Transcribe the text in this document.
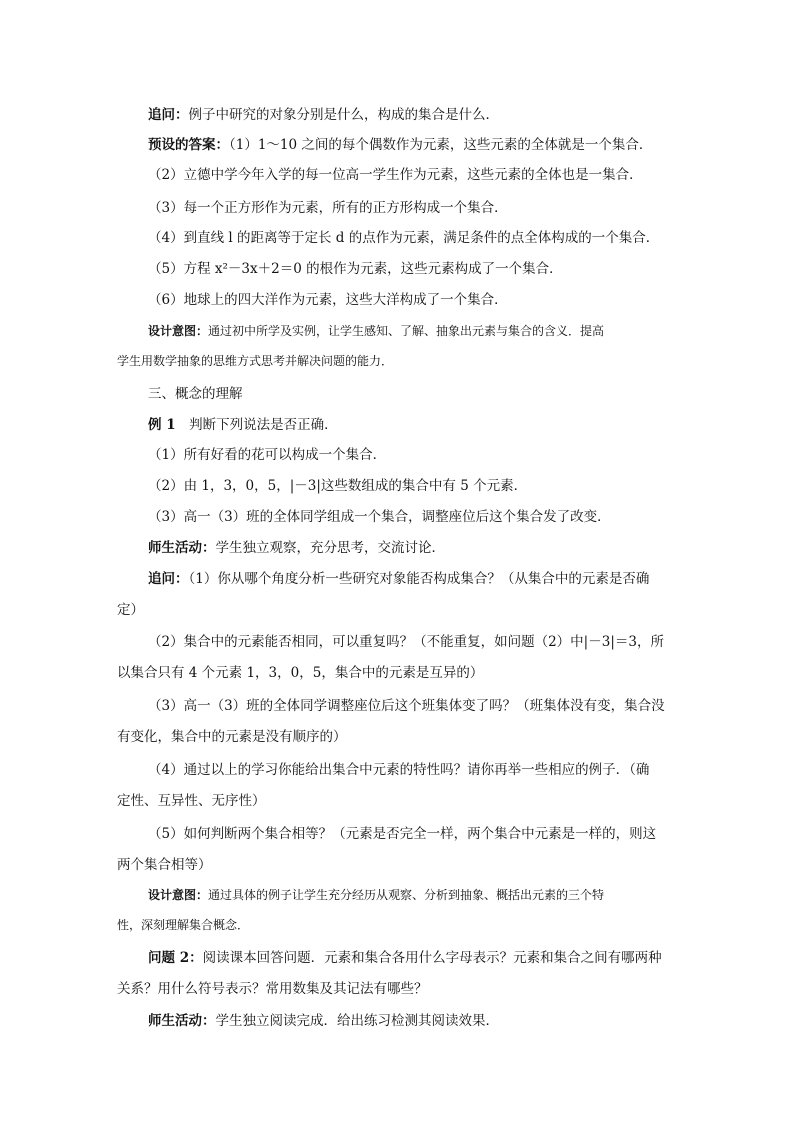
追问：例子中研究的对象分别是什么，构成的集合是什么．
预设的答案：（1）1～10 之间的每个偶数作为元素，这些元素的全体就是一个集合．
（2）立德中学今年入学的每一位高一学生作为元素，这些元素的全体也是一集合．
（3）每一个正方形作为元素，所有的正方形构成一个集合．
（4）到直线 l 的距离等于定长 d 的点作为元素，满足条件的点全体构成的一个集合．
（5）方程 x²－3x＋2＝0 的根作为元素，这些元素构成了一个集合．
（6）地球上的四大洋作为元素，这些大洋构成了一个集合．
设计意图：通过初中所学及实例，让学生感知、了解、抽象出元素与集合的含义．提高
学生用数学抽象的思维方式思考并解决问题的能力．
三、概念的理解
例 1　判断下列说法是否正确．
（1）所有好看的花可以构成一个集合．
（2）由 1，3，0，5，|－3|这些数组成的集合中有 5 个元素．
（3）高一（3）班的全体同学组成一个集合，调整座位后这个集合发了改变．
师生活动：学生独立观察，充分思考，交流讨论．
追问：（1）你从哪个角度分析一些研究对象能否构成集合？（从集合中的元素是否确
定）
（2）集合中的元素能否相同，可以重复吗？（不能重复，如问题（2）中|－3|＝3，所
以集合只有 4 个元素 1，3，0，5，集合中的元素是互异的）
（3）高一（3）班的全体同学调整座位后这个班集体变了吗？（班集体没有变，集合没
有变化，集合中的元素是没有顺序的）
（4）通过以上的学习你能给出集合中元素的特性吗？请你再举一些相应的例子．（确
定性、互异性、无序性）
（5）如何判断两个集合相等？（元素是否完全一样，两个集合中元素是一样的，则这
两个集合相等）
设计意图：通过具体的例子让学生充分经历从观察、分析到抽象、概括出元素的三个特
性，深刻理解集合概念．
问题 2：阅读课本回答问题．元素和集合各用什么字母表示？元素和集合之间有哪两种
关系？用什么符号表示？常用数集及其记法有哪些？
师生活动：学生独立阅读完成．给出练习检测其阅读效果．
